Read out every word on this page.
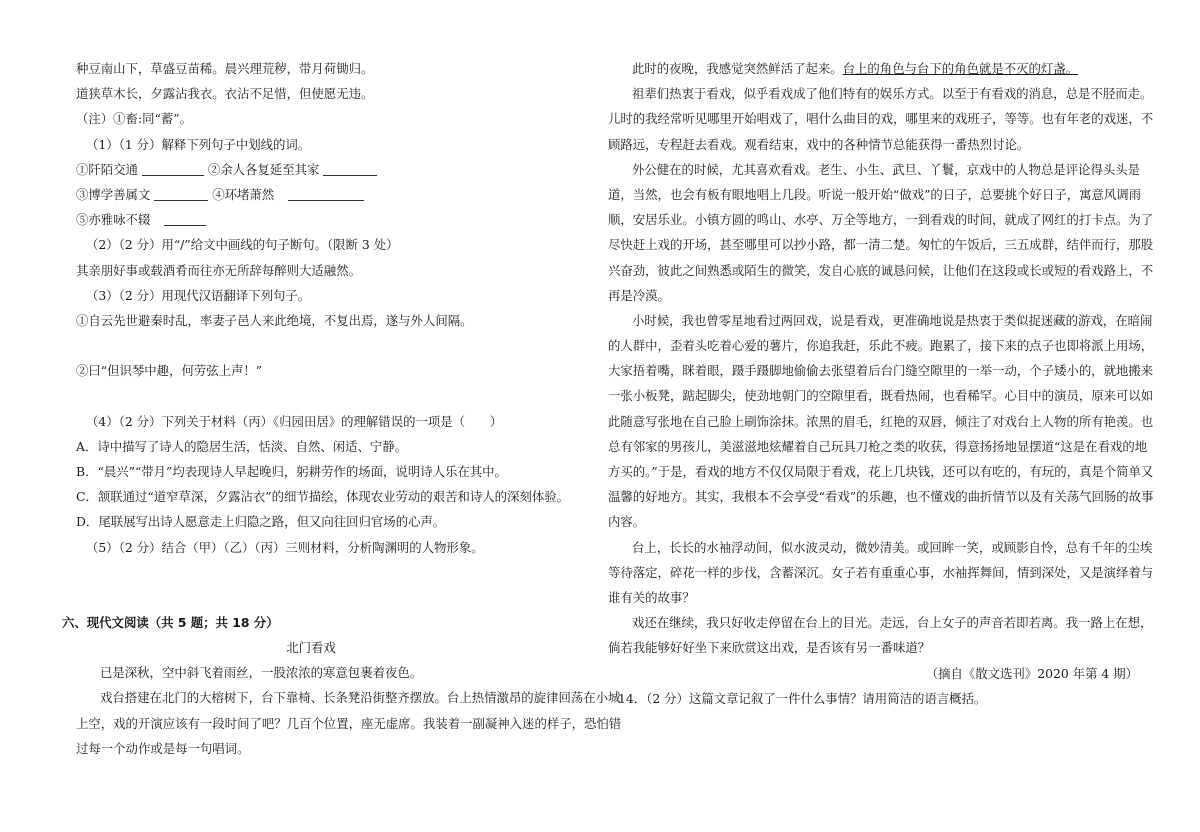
种豆南山下，草盛豆苗稀。晨兴理荒秽，带月荷锄归。
道狭草木长，夕露沾我衣。衣沾不足惜，但使愿无违。
（注）①畜:同“蓄”。
（1）（1 分）解释下列句子中划线的词。
①阡陌交通	②余人各复延至其家
③博学善属文	④环堵萧然
⑤亦雅咏不辍
（2）（2 分）用“/”给文中画线的句子断句。（限断 3 处）
其亲朋好事或载酒肴而往亦无所辞每醉则大适融然。
（3）（2 分）用现代汉语翻译下列句子。
①自云先世避秦时乱，率妻子邑人来此绝境，不复出焉，遂与外人间隔。
②曰“但识琴中趣，何劳弦上声！”
（4）（2 分）下列关于材料（丙）《归园田居》的理解错误的一项是（　　）
A．诗中描写了诗人的隐居生活，恬淡、自然、闲适、宁静。
B．“晨兴”“带月”均表现诗人早起晚归，躬耕劳作的场面，说明诗人乐在其中。
C．颔联通过“道窄草深，夕露沾衣”的细节描绘，体现农业劳动的艰苦和诗人的深刻体验。
D．尾联展写出诗人愿意走上归隐之路，但又向往回归官场的心声。
（5）（2 分）结合（甲）（乙）（丙）三则材料，分析陶渊明的人物形象。
六、现代文阅读（共 5 题；共 18 分）
北门看戏
已是深秋，空中斜飞着雨丝，一股浓浓的寒意包裹着夜色。
戏台搭建在北门的大榕树下，台下靠椅、长条凳沿街整齐摆放。台上热情激昂的旋律回荡在小城
上空，戏的开演应该有一段时间了吧？几百个位置，座无虚席。我装着一副凝神入迷的样子，恐怕错
过每一个动作或是每一句唱词。
此时的夜晚，我感觉突然鲜活了起来。台上的角色与台下的角色就是不灭的灯盏。
祖辈们热衷于看戏，似乎看戏成了他们特有的娱乐方式。以至于有看戏的消息，总是不胫而走。
儿时的我经常听见哪里开始唱戏了，唱什么曲目的戏，哪里来的戏班子，等等。也有年老的戏迷，不
顾路远，专程赶去看戏。观看结束，戏中的各种情节总能获得一番热烈讨论。
外公健在的时候，尤其喜欢看戏。老生、小生、武旦、丫鬟，京戏中的人物总是评论得头头是
道，当然，也会有板有眼地唱上几段。听说一般开始“做戏”的日子，总要挑个好日子，寓意风调雨
顺，安居乐业。小镇方圆的鸣山、水亭、万全等地方，一到看戏的时间，就成了网红的打卡点。为了
尽快赶上戏的开场，甚至哪里可以抄小路，都一清二楚。匆忙的午饭后，三五成群，结伴而行，那股
兴奋劲，彼此之间熟悉或陌生的微笑，发自心底的诚恳问候，让他们在这段或长或短的看戏路上，不
再是冷漠。
小时候，我也曾零星地看过两回戏，说是看戏，更准确地说是热衷于类似捉迷藏的游戏，在暗闹
的人群中，歪着头吃着心爱的薯片，你追我赶，乐此不疲。跑累了，接下来的点子也即将派上用场，
大家捂着嘴，眯着眼，蹑手蹑脚地偷偷去张望着后台门缝空隙里的一举一动，个子矮小的，就地搬来
一张小板凳，踮起脚尖，使劲地朝门的空隙里看，既看热闹，也看稀罕。心目中的演员，原来可以如
此随意写张地在自己脸上刷饰涂抹。浓黑的眉毛，红艳的双唇，倾注了对戏台上人物的所有艳羡。也
总有邻家的男孩儿，美滋滋地炫耀着自己玩具刀枪之类的收获，得意扬扬地显摆道“这是在看戏的地
方买的。”于是，看戏的地方不仅仅局限于看戏，花上几块钱，还可以有吃的，有玩的，真是个简单又
温馨的好地方。其实，我根本不会享受“看戏”的乐趣，也不懂戏的曲折情节以及有关荡气回肠的故事
内容。
台上，长长的水袖浮动间，似水波灵动，微妙清美。或回眸一笑，或顾影自怜，总有千年的尘埃
等待落定，碎花一样的步伐，含蓄深沉。女子若有重重心事，水袖挥舞间，情到深处，又是演绎着与
谁有关的故事？
戏还在继续，我只好收走停留在台上的目光。走远，台上女子的声音若即若离。我一路上在想，
倘若我能够好好坐下来欣赏这出戏，是否该有另一番味道？
（摘自《散文选刊》2020 年第 4 期）
14．（2 分）这篇文章记叙了一件什么事情？请用简洁的语言概括。
